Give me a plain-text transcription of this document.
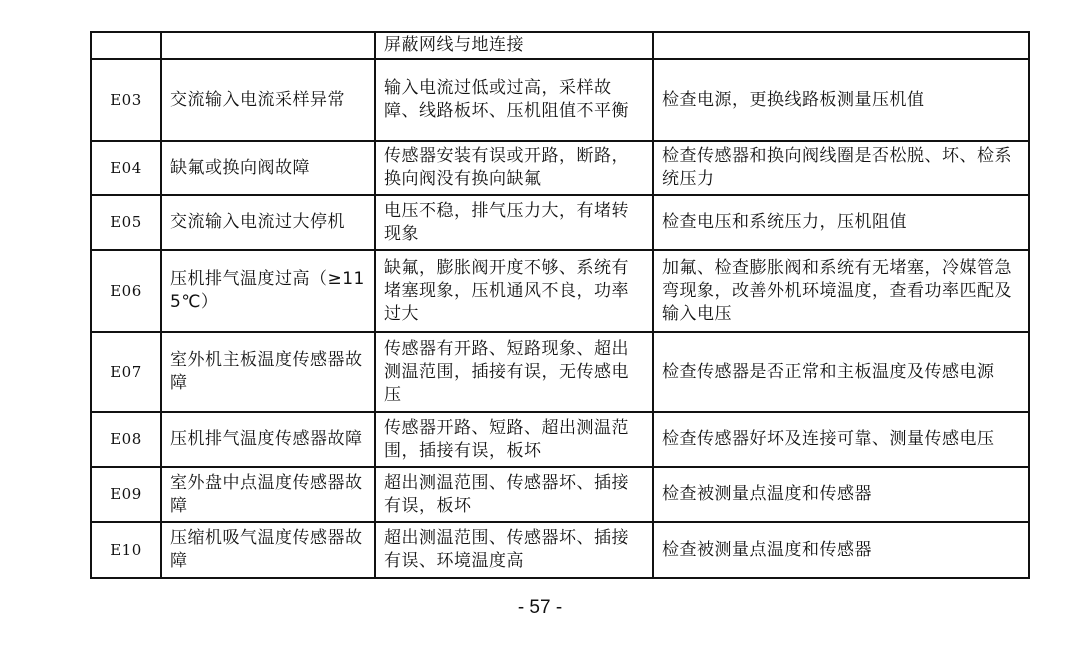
		屏蔽网线与地连接	
E03	交流输入电流采样异常	输入电流过低或过高，采样故障、线路板坏、压机阻值不平衡	检查电源，更换线路板测量压机值
E04	缺氟或换向阀故障	传感器安装有误或开路，断路，换向阀没有换向缺氟	检查传感器和换向阀线圈是否松脱、坏、检系统压力
E05	交流输入电流过大停机	电压不稳，排气压力大，有堵转现象	检查电压和系统压力，压机阻值
E06	压机排气温度过高（≥115℃）	缺氟，膨胀阀开度不够、系统有堵塞现象，压机通风不良，功率过大	加氟、检查膨胀阀和系统有无堵塞，冷媒管急弯现象，改善外机环境温度，查看功率匹配及输入电压
E07	室外机主板温度传感器故障	传感器有开路、短路现象、超出测温范围，插接有误，无传感电压	检查传感器是否正常和主板温度及传感电源
E08	压机排气温度传感器故障	传感器开路、短路、超出测温范围，插接有误，板坏	检查传感器好坏及连接可靠、测量传感电压
E09	室外盘中点温度传感器故障	超出测温范围、传感器坏、插接有误，板坏	检查被测量点温度和传感器
E10	压缩机吸气温度传感器故障	超出测温范围、传感器坏、插接有误、环境温度高	检查被测量点温度和传感器
- 57 -
